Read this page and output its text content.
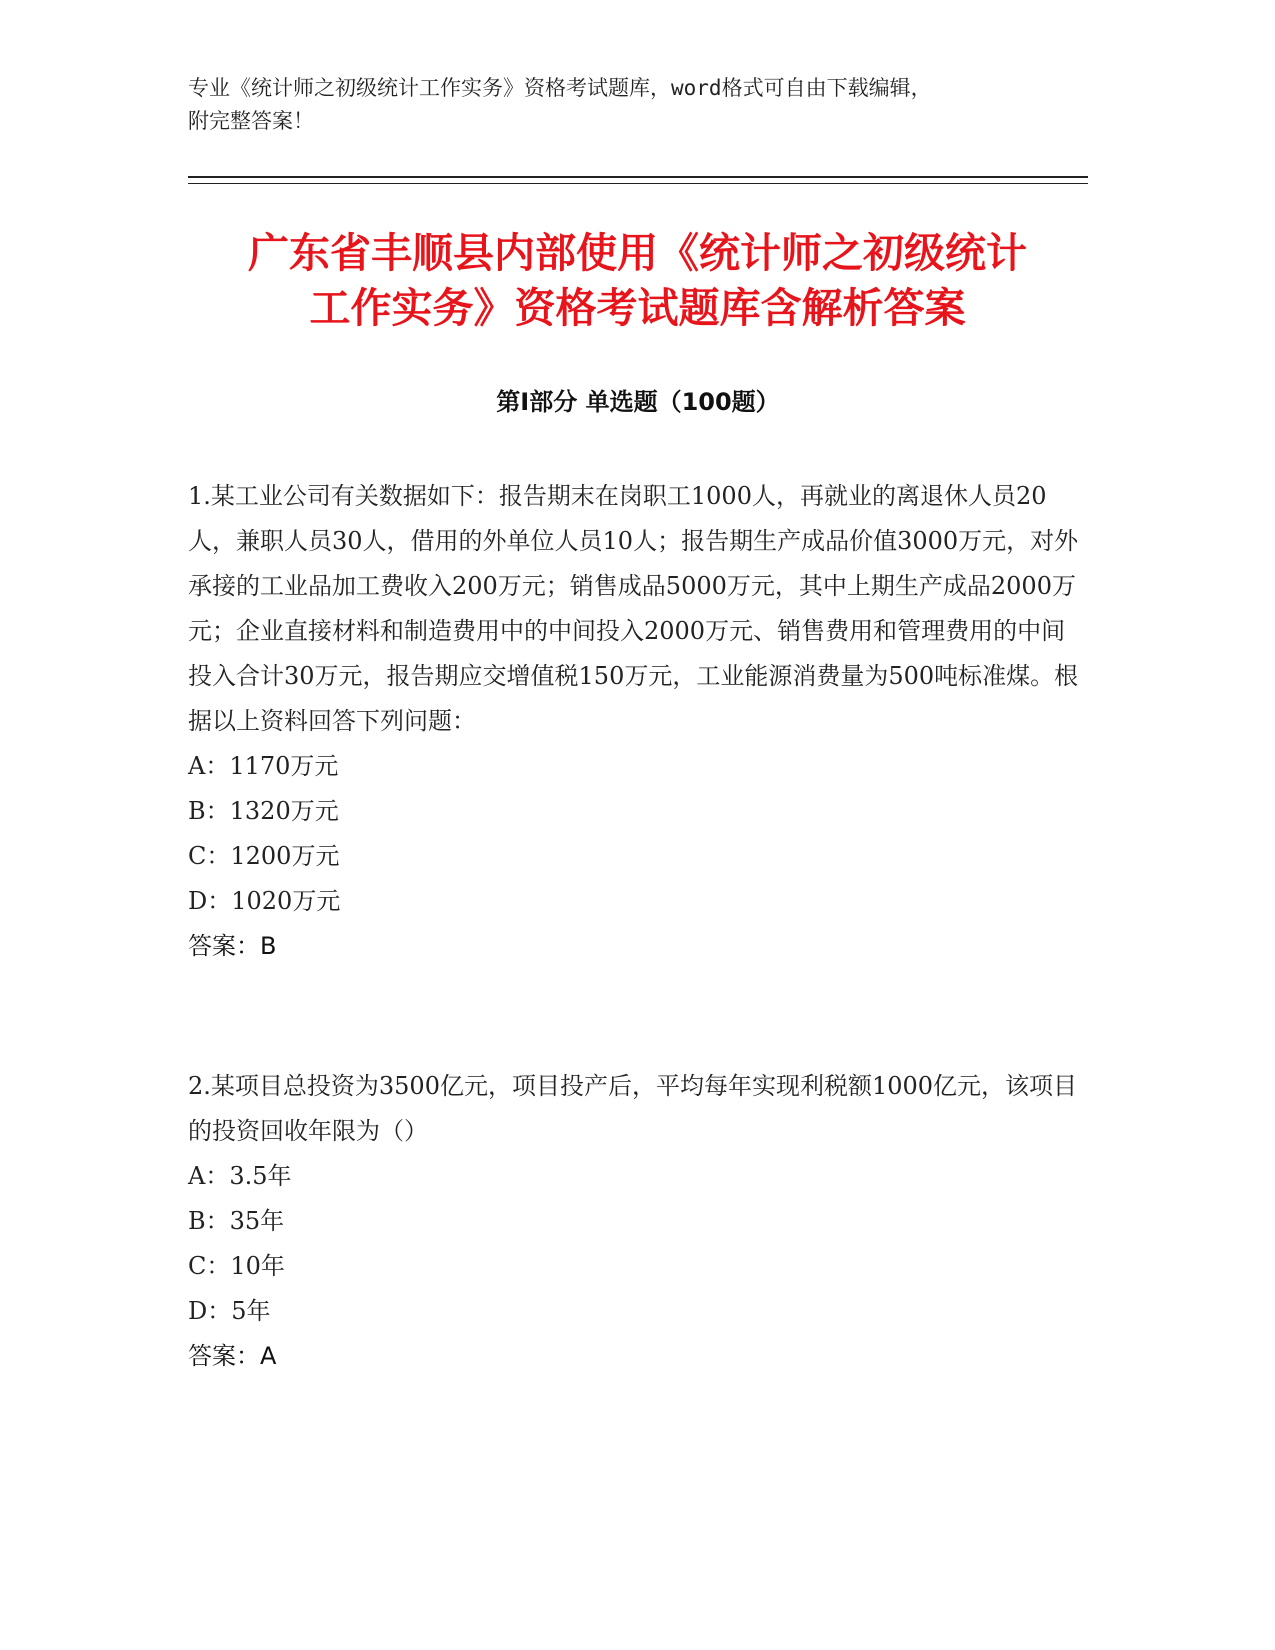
专业《统计师之初级统计工作实务》资格考试题库，word格式可自由下载编辑，
附完整答案！
广东省丰顺县内部使用《统计师之初级统计
工作实务》资格考试题库含解析答案
第Ⅰ部分 单选题（100题）
1.某工业公司有关数据如下：报告期末在岗职工1000人，再就业的离退休人员20人，兼职人员30人，借用的外单位人员10人；报告期生产成品价值3000万元，对外承接的工业品加工费收入200万元；销售成品5000万元，其中上期生产成品2000万元；企业直接材料和制造费用中的中间投入2000万元、销售费用和管理费用的中间投入合计30万元，报告期应交增值税150万元，工业能源消费量为500吨标准煤。根据以上资料回答下列问题：
A：1170万元
B：1320万元
C：1200万元
D：1020万元
答案：B
2.某项目总投资为3500亿元，项目投产后，平均每年实现利税额1000亿元，该项目的投资回收年限为（）
A：3.5年
B：35年
C：10年
D：5年
答案：A
